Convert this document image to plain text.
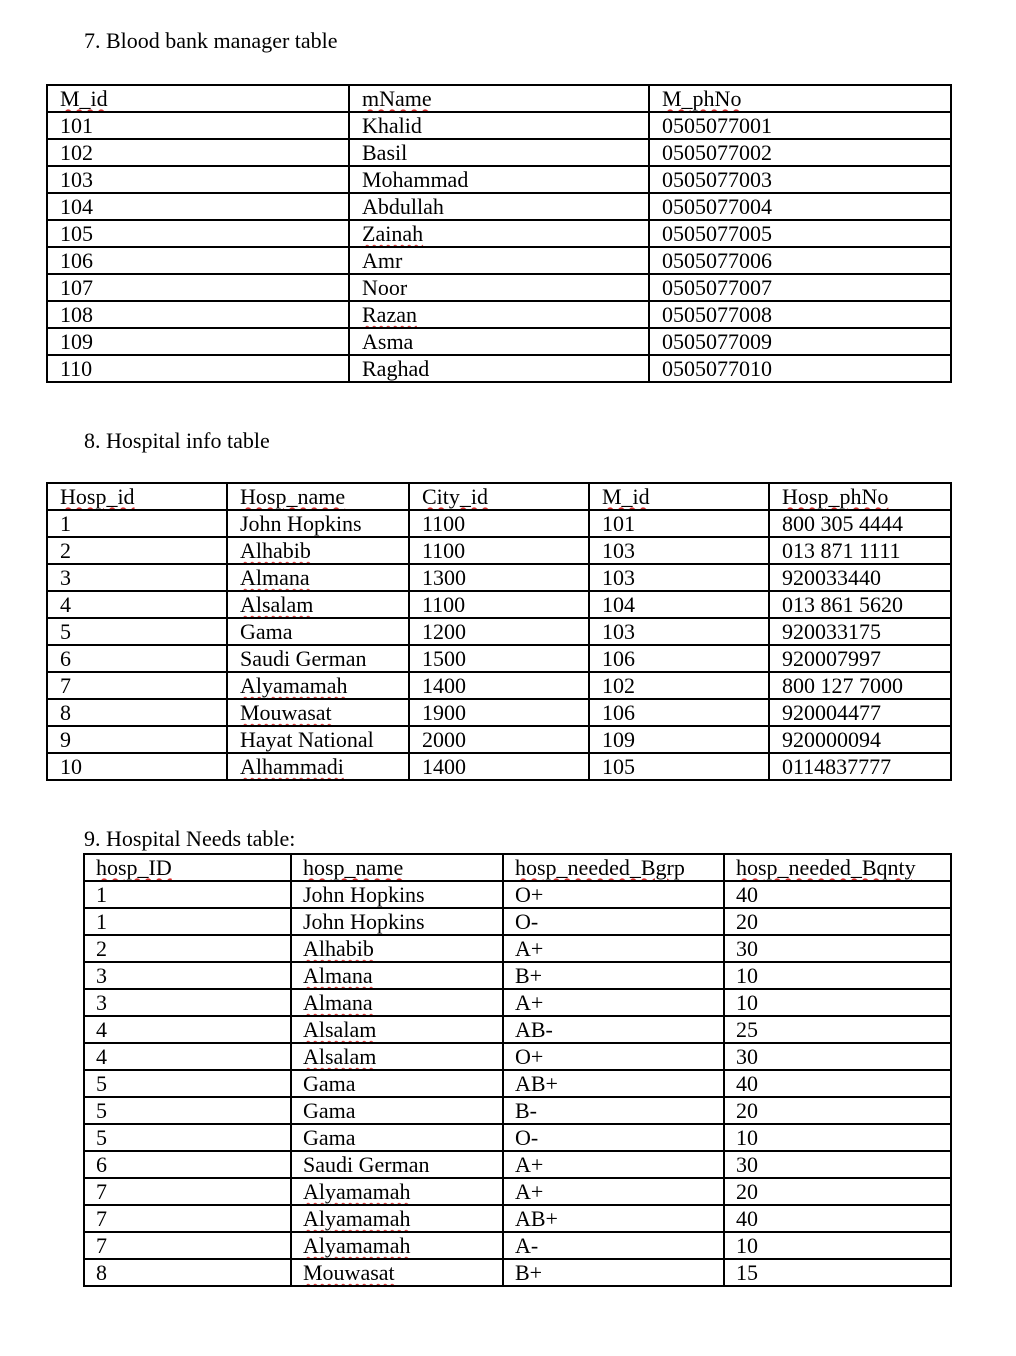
7. Blood bank manager table
M_id	mName	M_phNo
101	Khalid	0505077001
102	Basil	0505077002
103	Mohammad	0505077003
104	Abdullah	0505077004
105	Zainah	0505077005
106	Amr	0505077006
107	Noor	0505077007
108	Razan	0505077008
109	Asma	0505077009
110	Raghad	0505077010
8. Hospital info table
Hosp_id	Hosp_name	City_id	M_id	Hosp_phNo
1	John Hopkins	1100	101	800 305 4444
2	Alhabib	1100	103	013 871 1111
3	Almana	1300	103	920033440
4	Alsalam	1100	104	013 861 5620
5	Gama	1200	103	920033175
6	Saudi German	1500	106	920007997
7	Alyamamah	1400	102	800 127 7000
8	Mouwasat	1900	106	920004477
9	Hayat National	2000	109	920000094
10	Alhammadi	1400	105	0114837777
9. Hospital Needs table:
hosp_ID	hosp_name	hosp_needed_Bgrp	hosp_needed_Bqnty
1	John Hopkins	O+	40
1	John Hopkins	O-	20
2	Alhabib	A+	30
3	Almana	B+	10
3	Almana	A+	10
4	Alsalam	AB-	25
4	Alsalam	O+	30
5	Gama	AB+	40
5	Gama	B-	20
5	Gama	O-	10
6	Saudi German	A+	30
7	Alyamamah	A+	20
7	Alyamamah	AB+	40
7	Alyamamah	A-	10
8	Mouwasat	B+	15
